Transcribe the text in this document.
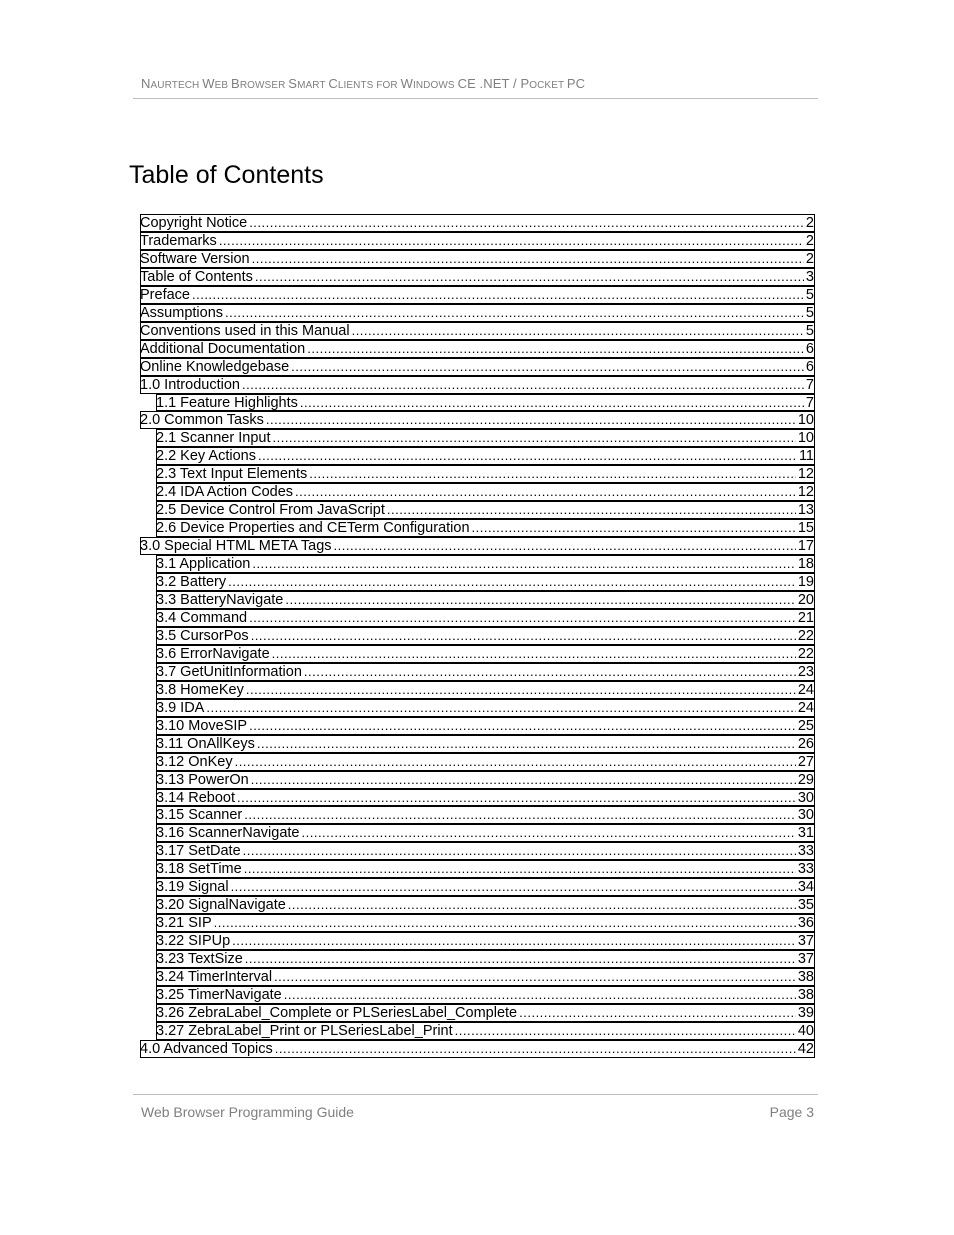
NAURTECH WEB BROWSER SMART CLIENTS FOR WINDOWS CE .NET / POCKET PC
Table of Contents
Copyright Notice .....	2
Trademarks .....	2
Software Version .....	2
Table of Contents .....	3
Preface .....	5
Assumptions .....	5
Conventions used in this Manual .....	5
Additional Documentation .....	6
Online Knowledgebase .....	6
1.0 Introduction .....	7
1.1 Feature Highlights .....	7
2.0 Common Tasks .....	10
2.1 Scanner Input .....	10
2.2 Key Actions .....	11
2.3 Text Input Elements .....	12
2.4 IDA Action Codes .....	12
2.5 Device Control From JavaScript .....	13
2.6 Device Properties and CETerm Configuration .....	15
3.0 Special HTML META Tags .....	17
3.1 Application .....	18
3.2 Battery .....	19
3.3 BatteryNavigate .....	20
3.4 Command .....	21
3.5 CursorPos .....	22
3.6 ErrorNavigate .....	22
3.7 GetUnitInformation .....	23
3.8 HomeKey .....	24
3.9 IDA .....	24
3.10 MoveSIP .....	25
3.11 OnAllKeys .....	26
3.12 OnKey .....	27
3.13 PowerOn .....	29
3.14 Reboot .....	30
3.15 Scanner .....	30
3.16 ScannerNavigate .....	31
3.17 SetDate .....	33
3.18 SetTime .....	33
3.19 Signal .....	34
3.20 SignalNavigate .....	35
3.21 SIP .....	36
3.22 SIPUp .....	37
3.23 TextSize .....	37
3.24 TimerInterval .....	38
3.25 TimerNavigate .....	38
3.26 ZebraLabel_Complete or PLSeriesLabel_Complete .....	39
3.27 ZebraLabel_Print or PLSeriesLabel_Print .....	40
4.0 Advanced Topics .....	42
Web Browser Programming Guide	Page 3
